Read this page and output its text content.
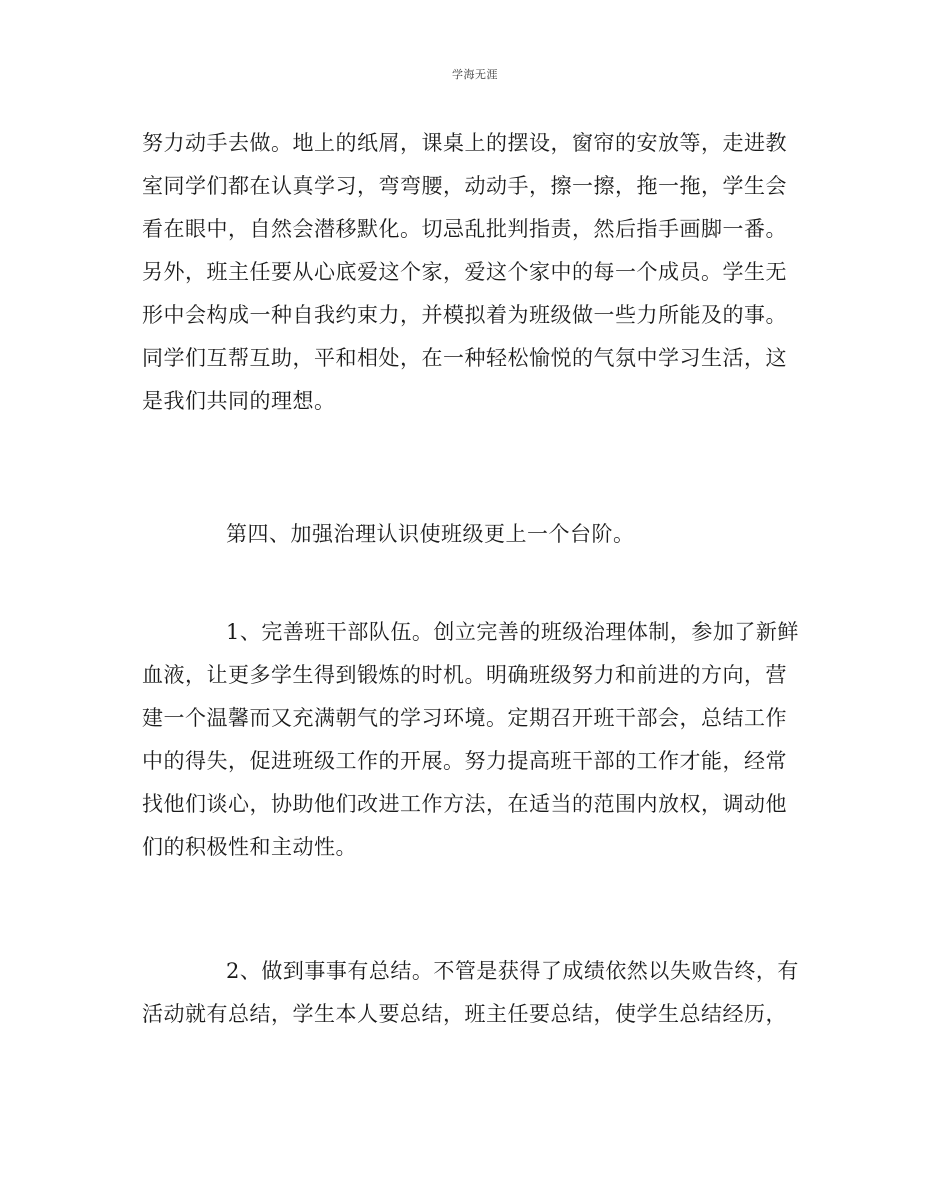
学海无涯
努力动手去做。地上的纸屑，课桌上的摆设，窗帘的安放等，走进教
室同学们都在认真学习，弯弯腰，动动手，擦一擦，拖一拖，学生会
看在眼中，自然会潜移默化。切忌乱批判指责，然后指手画脚一番。
另外，班主任要从心底爱这个家，爱这个家中的每一个成员。学生无
形中会构成一种自我约束力，并模拟着为班级做一些力所能及的事。
同学们互帮互助，平和相处，在一种轻松愉悦的气氛中学习生活，这
是我们共同的理想。
第四、加强治理认识使班级更上一个台阶。
1、完善班干部队伍。创立完善的班级治理体制，参加了新鲜
血液，让更多学生得到锻炼的时机。明确班级努力和前进的方向，营
建一个温馨而又充满朝气的学习环境。定期召开班干部会，总结工作
中的得失，促进班级工作的开展。努力提高班干部的工作才能，经常
找他们谈心，协助他们改进工作方法，在适当的范围内放权，调动他
们的积极性和主动性。
2、做到事事有总结。不管是获得了成绩依然以失败告终，有
活动就有总结，学生本人要总结，班主任要总结，使学生总结经历，
